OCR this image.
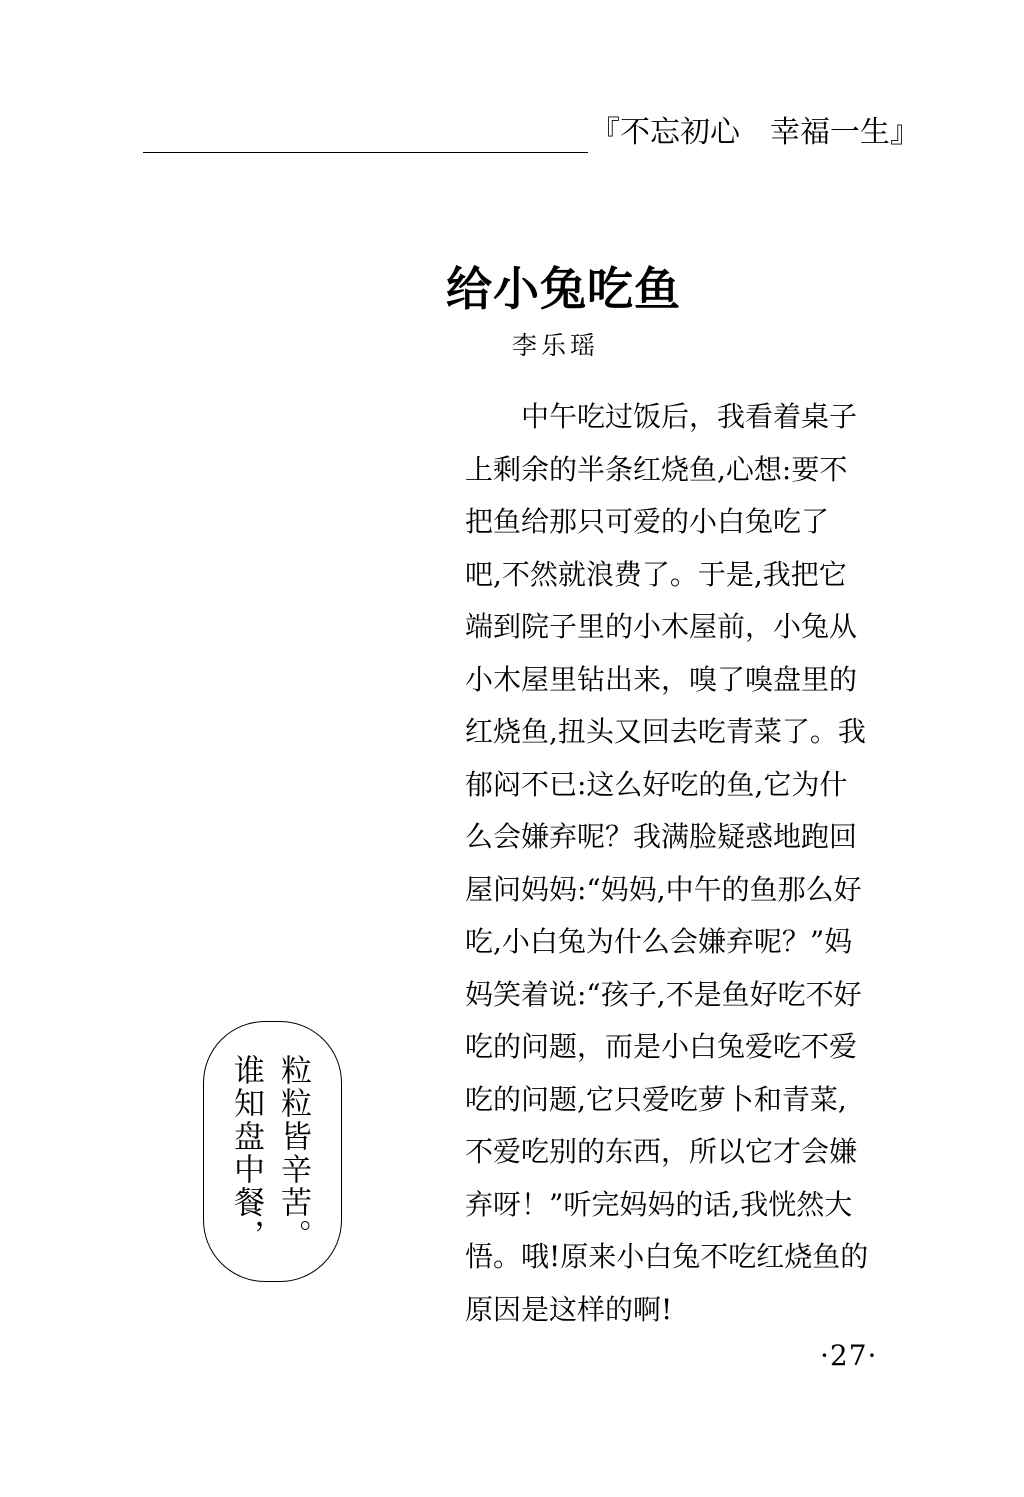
『不忘初心　幸福一生』
给小兔吃鱼
李乐瑶
　　中午吃过饭后，我看着桌子
上剩余的半条红烧鱼,心想:要不
把鱼给那只可爱的小白兔吃了
吧,不然就浪费了。于是,我把它
端到院子里的小木屋前，小兔从
小木屋里钻出来，嗅了嗅盘里的
红烧鱼,扭头又回去吃青菜了。我
郁闷不已:这么好吃的鱼,它为什
么会嫌弃呢？我满脸疑惑地跑回
屋问妈妈:“妈妈,中午的鱼那么好
吃,小白兔为什么会嫌弃呢？”妈
妈笑着说:“孩子,不是鱼好吃不好
吃的问题，而是小白兔爱吃不爱
吃的问题,它只爱吃萝卜和青菜,
不爱吃别的东西，所以它才会嫌
弃呀！”听完妈妈的话,我恍然大
悟。哦!原来小白兔不吃红烧鱼的
原因是这样的啊!
粒粒皆辛苦。
谁知盘中餐，
·27·
